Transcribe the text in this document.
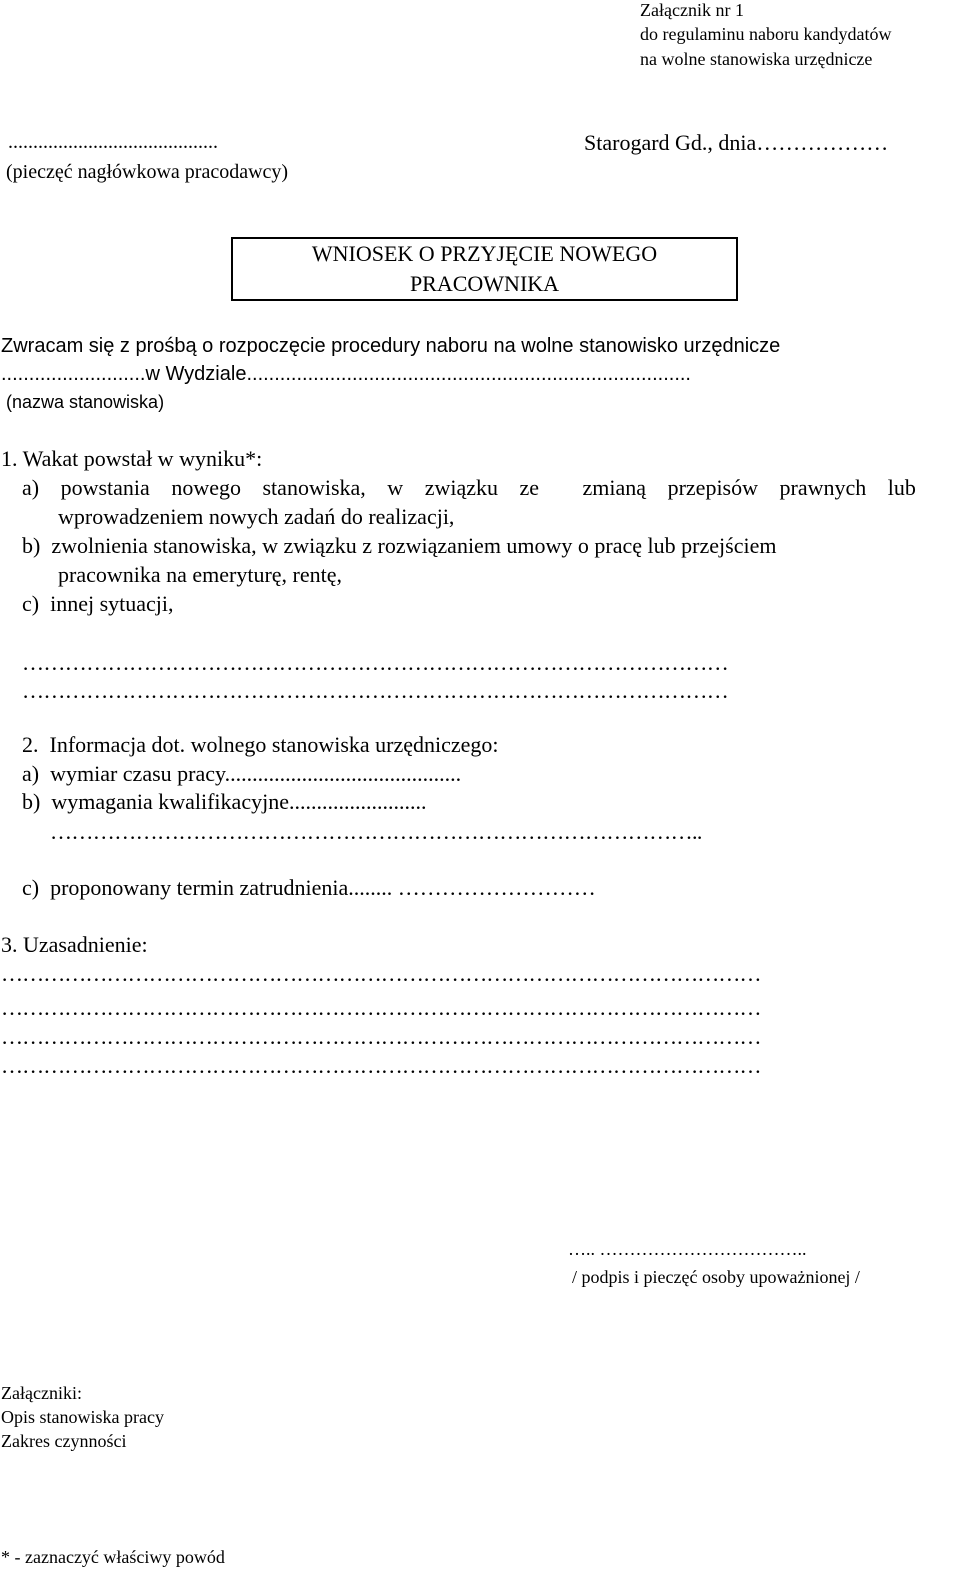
Załącznik nr 1
do regulaminu naboru kandydatów
na wolne stanowiska urzędnicze
..........................................
(pieczęć nagłówkowa pracodawcy)
Starogard Gd., dnia………………
WNIOSEK O PRZYJĘCIE NOWEGO
PRACOWNIKA
Zwracam się z prośbą o rozpoczęcie procedury naboru na wolne stanowisko urzędnicze
..........................w Wydziale................................................................................
(nazwa stanowiska)
1. Wakat powstał w wyniku*:
a) powstania nowego stanowiska, w związku ze zmianą przepisów prawnych lub
wprowadzeniem nowych zadań do realizacji,
b)  zwolnienia stanowiska, w związku z rozwiązaniem umowy o pracę lub przejściem
pracownika na emeryturę, rentę,
c)  innej sytuacji,
………………………………………………………………………………………
………………………………………………………………………………………
2.  Informacja dot. wolnego stanowiska urzędniczego:
a)  wymiar czasu pracy...........................................
b)  wymagania kwalifikacyjne.........................
………………………………………………………………………………..
c)  proponowany termin zatrudnienia........ ………………………
3. Uzasadnienie:
………………………………………………………………………………………………
………………………………………………………………………………………………
………………………………………………………………………………………………
………………………………………………………………………………………………
….. ……………………………..
/ podpis i pieczęć osoby upoważnionej /
Załączniki:
Opis stanowiska pracy
Zakres czynności
* - zaznaczyć właściwy powód
